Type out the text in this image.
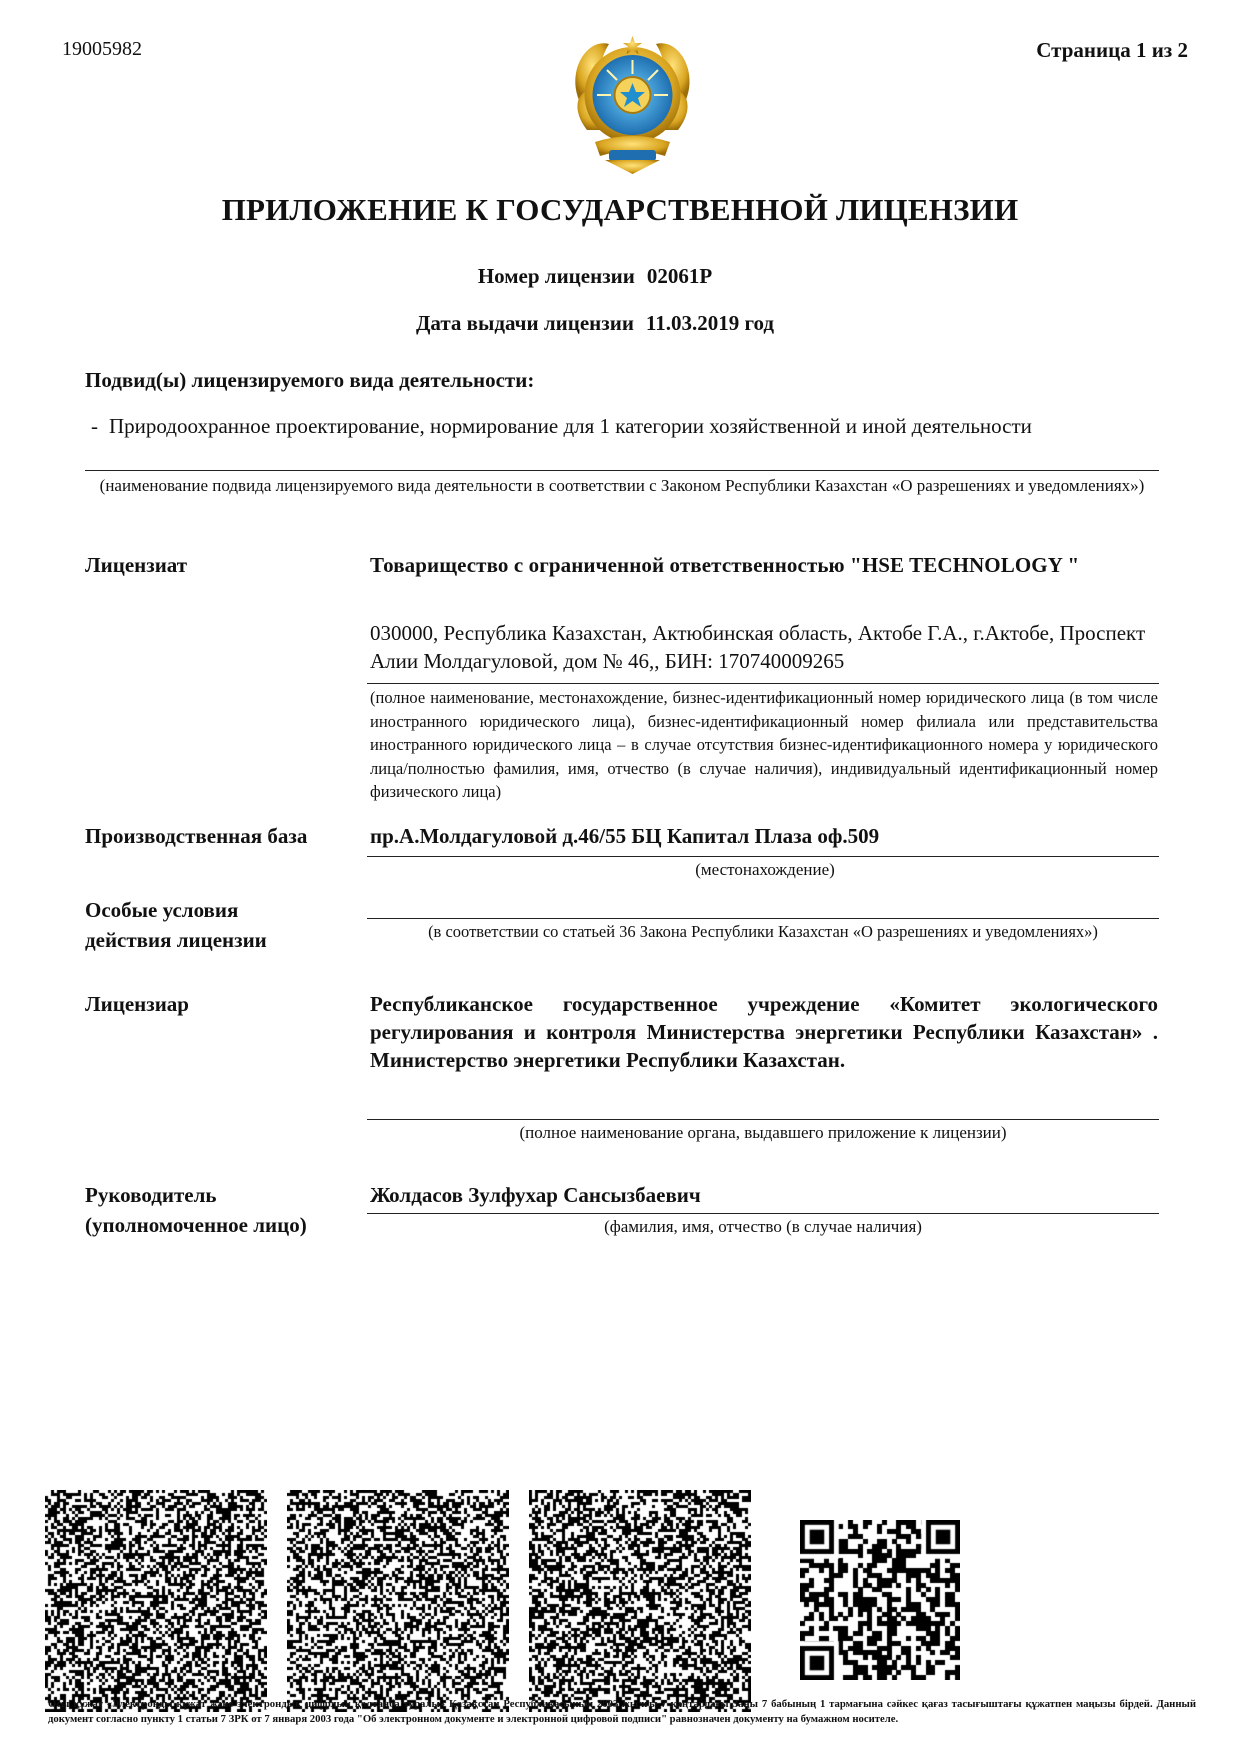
19005982	Страница 1 из 2
ПРИЛОЖЕНИЕ К ГОСУДАРСТВЕННОЙ ЛИЦЕНЗИИ
Номер лицензии 02061P
Дата выдачи лицензии 11.03.2019 год
Подвид(ы) лицензируемого вида деятельности:
- Природоохранное проектирование, нормирование для 1 категории хозяйственной и иной деятельности
(наименование подвида лицензируемого вида деятельности в соответствии с Законом Республики Казахстан «О разрешениях и уведомлениях»)
Лицензиат	Товарищество с ограниченной ответственностью "HSE TECHNOLOGY "
030000, Республика Казахстан, Актюбинская область, Актобе Г.А., г.Актобе, Проспект Алии Молдагуловой, дом № 46,, БИН: 170740009265
(полное наименование, местонахождение, бизнес-идентификационный номер юридического лица (в том числе иностранного юридического лица), бизнес-идентификационный номер филиала или представительства иностранного юридического лица – в случае отсутствия бизнес-идентификационного номера у юридического лица/полностью фамилия, имя, отчество (в случае наличия), индивидуальный идентификационный номер физического лица)
Производственная база	пр.А.Молдагуловой д.46/55 БЦ Капитал Плаза оф.509
(местонахождение)
Особые условия
действия лицензии	(в соответствии со статьей 36 Закона Республики Казахстан «О разрешениях и уведомлениях»)
Лицензиар	Республиканское государственное учреждение «Комитет экологического регулирования и контроля Министерства энергетики Республики Казахстан» . Министерство энергетики Республики Казахстан.
(полное наименование органа, выдавшего приложение к лицензии)
Руководитель
(уполномоченное лицо)
Жолдасов Зулфухар Сансызбаевич
(фамилия, имя, отчество (в случае наличия)
Осы құжат «Электронды құжат және электрондық цифрлық қолтаңба туралы» Қазақстан Республикасының 2003 жылғы 7 қаңтардағы Заңы 7 бабының 1 тармағына сәйкес қағаз тасығыштағы құжатпен маңызы бірдей. Данный документ согласно пункту 1 статьи 7 ЗРК от 7 января 2003 года "Об электронном документе и электронной цифровой подписи" равнозначен документу на бумажном носителе.
